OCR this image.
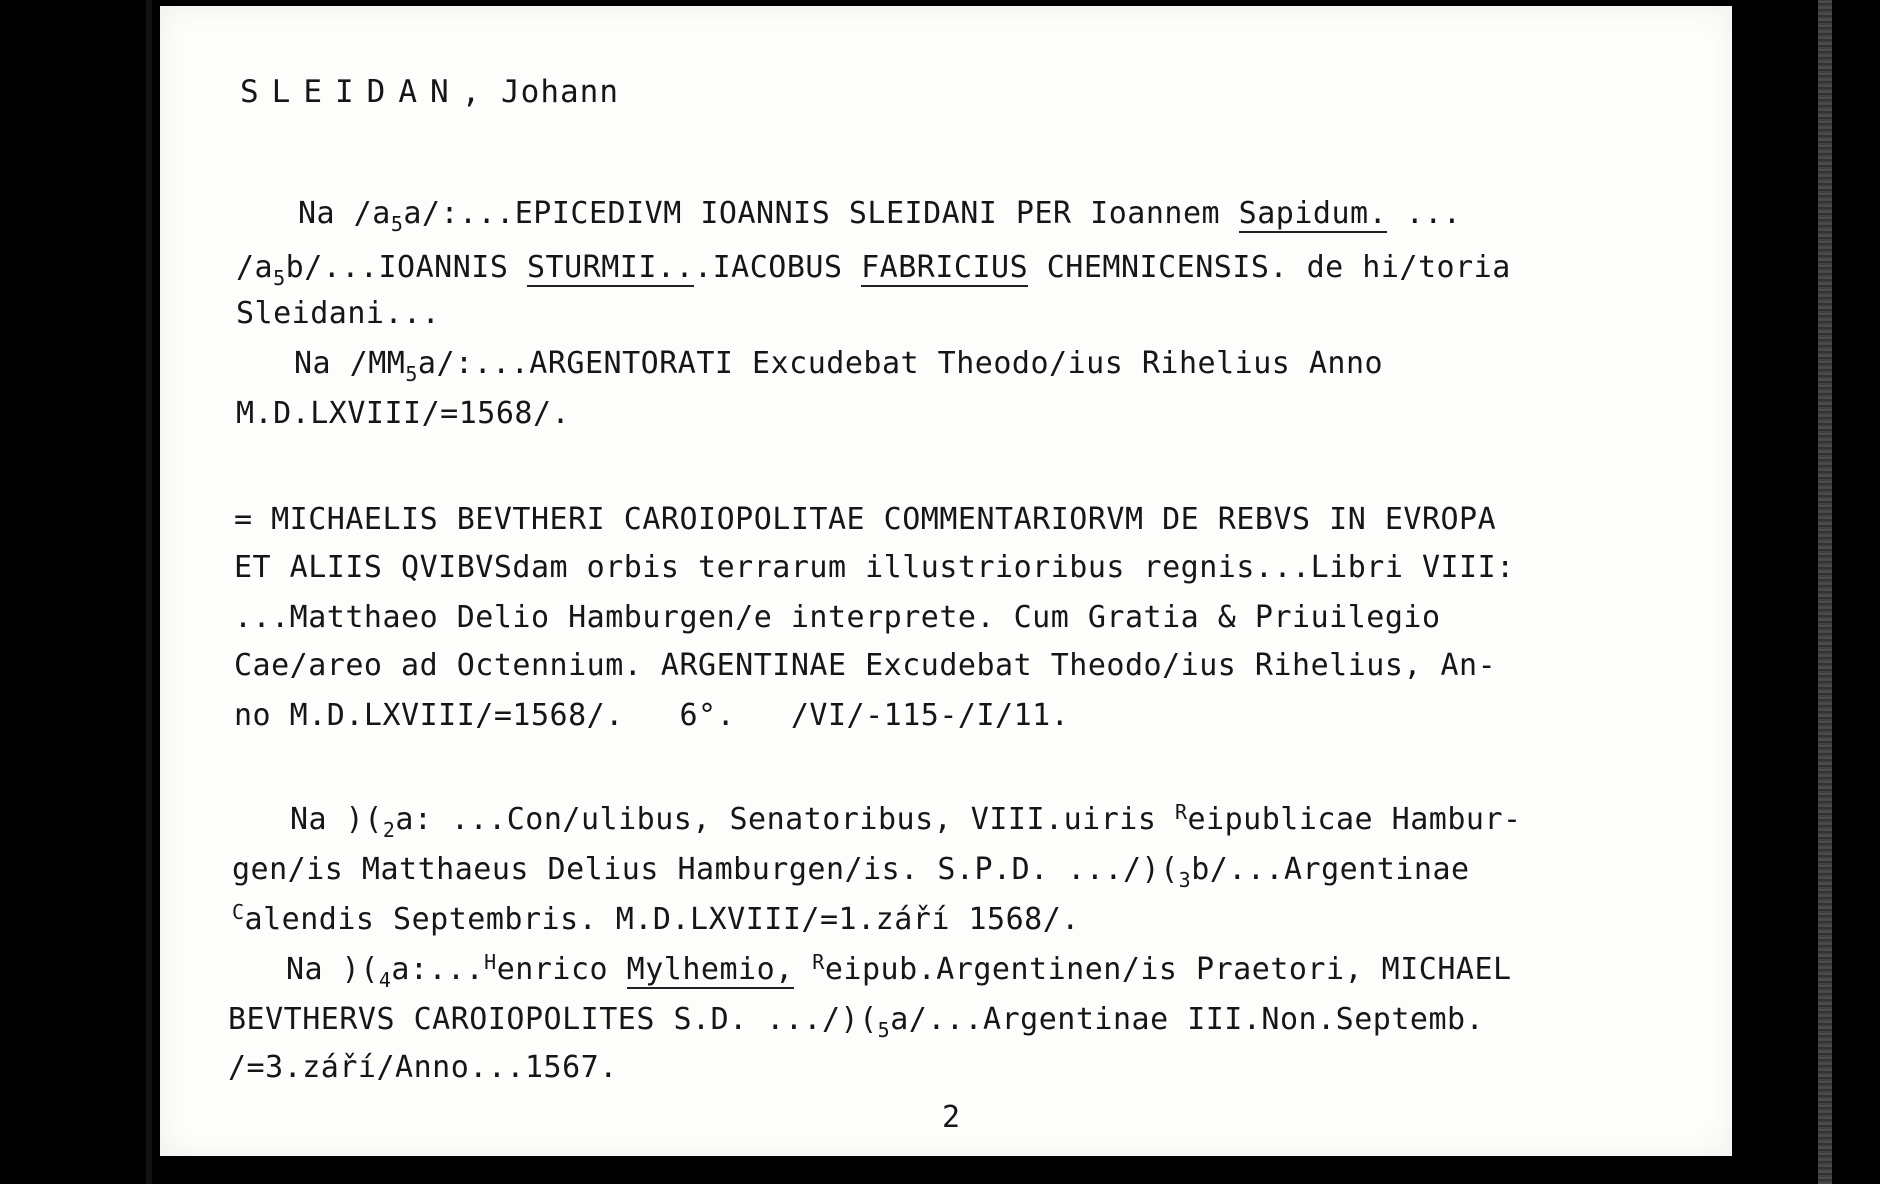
SLEIDAN, Johann
Na $/a_5a/:...EPICEDIVM$ IOANNIS SLEIDANI PER Ioannem Sapidum. ...
$/a_5b/...IOANNIS$ STURMII...IACOBUS FABRICIUS CHEMNICENSIS. de hi/toria
Sleidani...
Na $/MM_5a/:...ARGENTORATI$ Excudebat Theodo/ius Rihelius Anno
M.D.LXVIII/=1568/.
= MICHAELIS BEVTHERI CAROIOPOLITAE COMMENTARIORVM DE REBVS IN EVROPA
ET ALIIS QVIBVSdam orbis terrarum illustrioribus regnis...Libri VIII:
...Matthaeo Delio Hamburgen/e interprete. Cum Gratia & Priuilegio
Cae/areo ad Octennium. ARGENTINAE Excudebat Theodo/ius Rihelius, An-
no M.D.LXVIII/=1568/.   6°.   /VI/-115-/I/11.
Na )($_2a$: ...Con/ulibus, Senatoribus, VIII.uiris $^R$eipublicae Hambur-
gen/is Matthaeus Delius Hamburgen/is. S.P.D. $.../)(_3b/...Argentinae$
$^C$alendis Septembris. M.D.LXVIII/=1.září 1568/.
Na )($_4a:...^Henrico$ Mylhemio, $^R$eipub.Argentinen/is Praetori, MICHAEL
BEVTHERVS CAROIOPOLITES S.D. $.../)(_5a/...Argentinae$ III.Non.Septemb.
/=3.září/Anno...1567.
2
